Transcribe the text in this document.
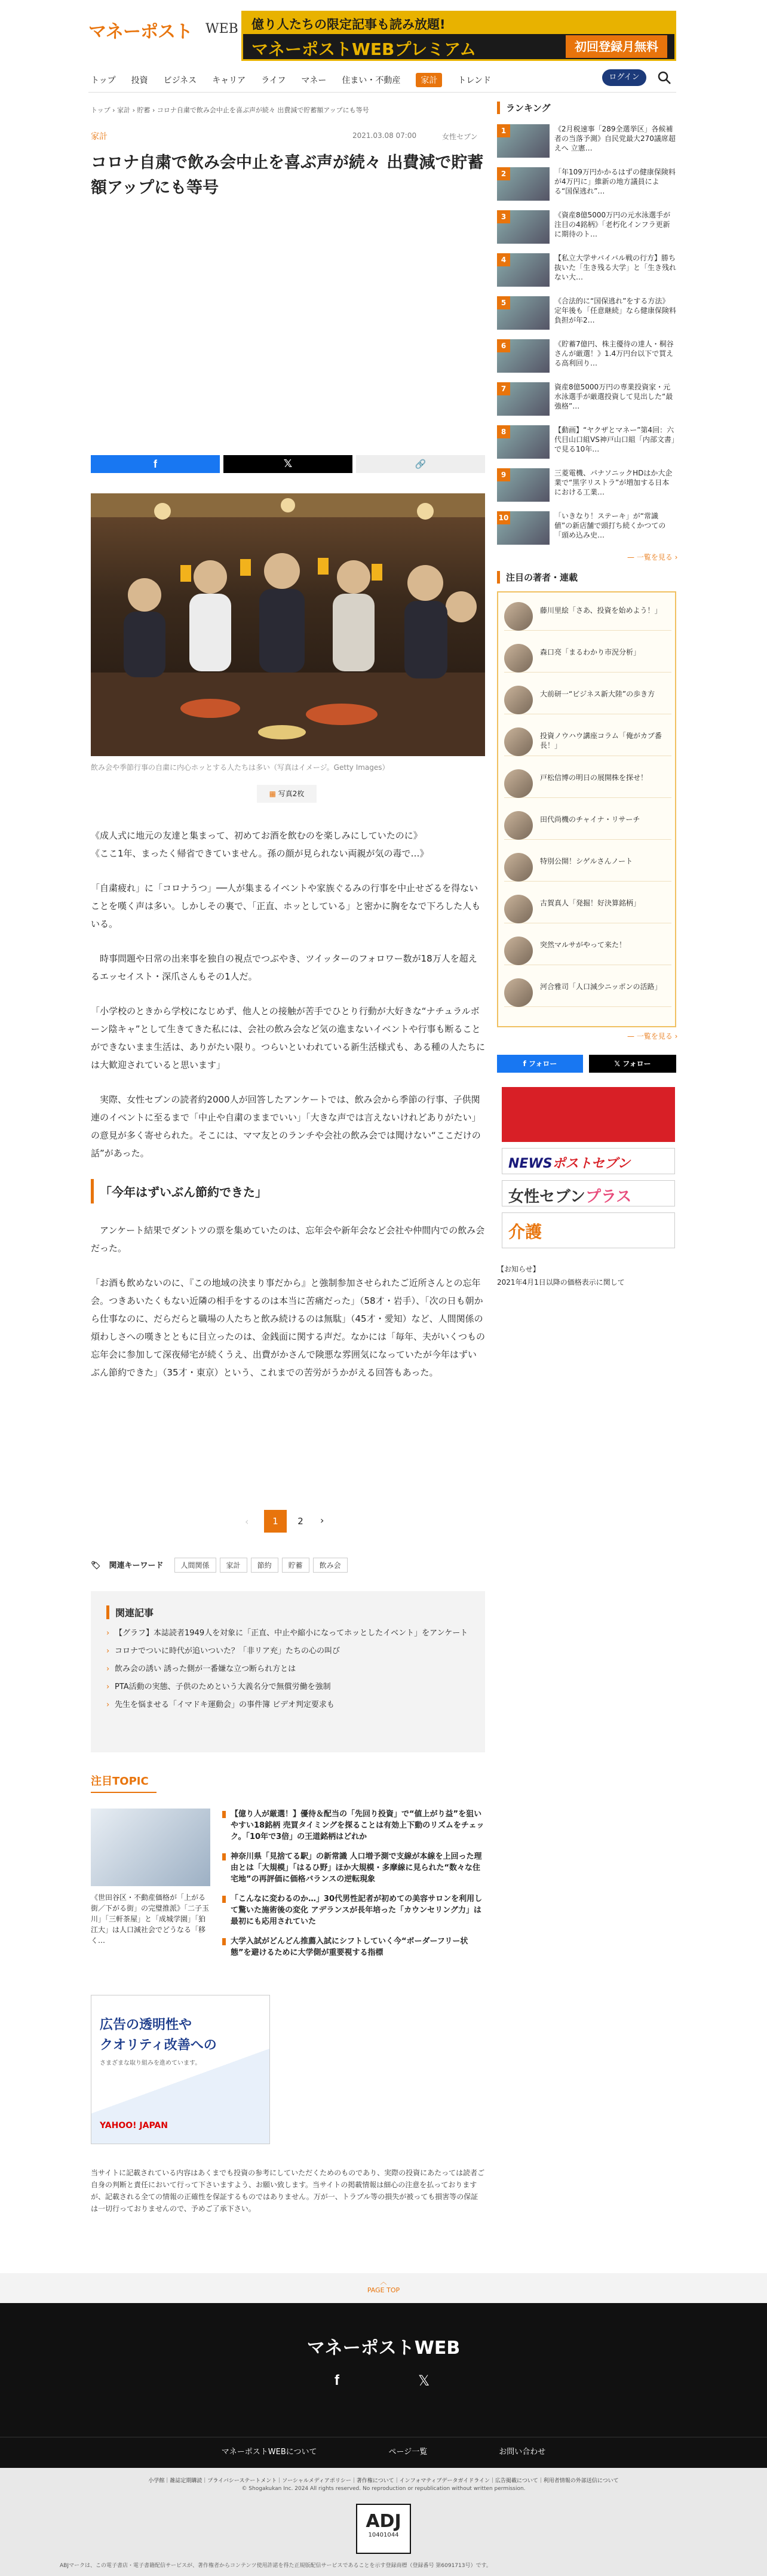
マネーポスト WEB 億り人たちの限定記事も読み放題!
マネーポストWEBプレミアム	初回登録月無料
トップ 投資 ビジネス キャリア ライフ マネー 住まい・不動産 家計 トレンド	ログイン
トップ › 家計 › 貯蓄 › コロナ自粛で飲み会中止を喜ぶ声が続々 出費減で貯蓄額アップにも等号
家計	2021.03.08 07:00	女性セブン
コロナ自粛で飲み会中止を喜ぶ声が続々 出費減で貯蓄額アップにも等号
f	𝕏	🔗

飲み会や季節行事の自粛に内心ホッとする人たちは多い（写真はイメージ。Getty Images）

▦ 写真2枚

《成人式に地元の友達と集まって、初めてお酒を飲むのを楽しみにしていたのに》

《ここ1年、まったく帰省できていません。孫の顔が見られない両親が気の毒で…》

「自粛疲れ」に「コロナうつ」──人が集まるイベントや家族ぐるみの行事を中止せざるを得ないことを嘆く声は多い。しかしその裏で、「正直、ホッとしている」と密かに胸をなで下ろした人もいる。

時事問題や日常の出来事を独自の視点でつぶやき、ツイッターのフォロワー数が18万人を超えるエッセイスト・深爪さんもその1人だ。

「小学校のときから学校になじめず、他人との接触が苦手でひとり行動が大好きな“ナチュラルボーン陰キャ”として生きてきた私には、会社の飲み会など気の進まないイベントや行事も断ることができないまま生活は、ありがたい限り。つらいといわれている新生活様式も、ある種の人たちには大歓迎されていると思います」

実際、女性セブンの読者約2000人が回答したアンケートでは、飲み会から季節の行事、子供関連のイベントに至るまで「中止や自粛のままでいい」「大きな声では言えないけれどありがたい」の意見が多く寄せられた。そこには、ママ友とのランチや会社の飲み会では聞けない“ここだけの話”があった。

「今年はずいぶん節約できた」

アンケート結果でダントツの票を集めていたのは、忘年会や新年会など会社や仲間内での飲み会だった。

「お酒も飲めないのに、『この地域の決まり事だから』と強制参加させられたご近所さんとの忘年会。つきあいたくもない近隣の相手をするのは本当に苦痛だった」（58才・岩手）、「次の日も朝から仕事なのに、だらだらと職場の人たちと飲み続けるのは無駄」（45才・愛知）など、人間関係の煩わしさへの嘆きとともに目立ったのは、金銭面に関する声だ。なかには「毎年、夫がいくつもの忘年会に参加して深夜帰宅が続くうえ、出費がかさんで険悪な雰囲気になっていたが今年はずいぶん節約できた」（35才・東京）という、これまでの苦労がうかがえる回答もあった。

‹	1	2	›
🏷 関連キーワード 人間関係 家計 節約 貯蓄 飲み会
関連記事
› 【グラフ】本誌読者1949人を対象に「正直、中止や縮小になってホッとしたイベント」をアンケート
› コロナでついに時代が追いついた？「非リア充」たちの心の叫び
› 飲み会の誘い 誘った側が一番嫌な立つ断られ方とは
› PTA活動の実態、子供のためという大義名分で無償労働を強制
› 先生を悩ませる「イマドキ運動会」の事件簿 ビデオ判定要求も
注目TOPIC

《世田谷区・不動産価格が「上がる街／下がる街」の完璧推派》「二子玉川」「三軒茶屋」と「成城学園」「狛江大」は人口減社会でどうなる「移く…

【億り人が厳選！】優待＆配当の「先回り投資」で“値上がり益”を狙いやすい18銘柄 売買タイミングを探ることは有効上下動のリズムをチェック。「10年で3倍」の王道銘柄はどれか
神奈川県「見捨てる駅」の新常識 人口増予測で支線が本線を上回った理由とは「大規模」「はるひ野」ほか大規模・多摩線に見られた“数々な住宅地”の再評価に価格バランスの逆転現象
「こんなに変わるのか…」30代男性記者が初めての美容サロンを利用して驚いた施術後の変化 アデランスが長年培った「カウンセリング力」は最初にも応用されていた
大学入試がどんどん推薦入試にシフトしていく今“ボーダーフリー状態”を避けるために大学側が重要視する指標
広告の透明性や
クオリティ改善への
さまざまな取り組みを進めています。
YAHOO! JAPAN

当サイトに記載されている内容はあくまでも投資の参考にしていただくためのものであり、実際の投資にあたっては読者ご自身の判断と責任において行って下さいますよう、お願い致します。当サイトの掲載情報は細心の注意を払っておりますが、記載される全ての情報の正確性を保証するものではありません。万が一、トラブル等の損失が被っても損害等の保証は一切行っておりませんので、予めご了承下さい。

ランキング
1	《2月税速事「289全選挙区」各候補者の当落予測》自民党最大270議席超えへ 立憲…
2	「年109万円かかるはずの健康保険料が4万円に」維新の地方議員による“国保逃れ”…
3	《資産8億5000万円の元水泳選手が注目の4銘柄》「老朽化インフラ更新に期待のト…
4	【私立大学サバイバル戦の行方】勝ち抜いた「生き残る大学」と「生き残れない大…
5	《合法的に“国保逃れ”をする方法》定年後も「任意継続」なら健康保険料負担が年2…
6	《貯蓄7億円、株主優待の達人・桐谷さんが厳選！》1.4万円台以下で買える高利回り…
7	資産8億5000万円の専業投資家・元水泳選手が厳選投資して見出した“最強格”…
8	【動画】“ヤクザとマネー”第4回：六代目山口組VS神戸山口組「内部文書」で見る10年…
9	三菱電機、パナソニックHDはか大企業で“黒字リストラ”が増加する日本における工業…
10	「いきなり！ステーキ」が“常識値”の新店舗で頭打ち続くかつての「頭め込み史…
— 一覧を見る ›
注目の著者・連載
藤川里絵「さあ、投資を始めよう！」
森口亮「まるわかり市況分析」
大前研一“ビジネス新大陸”の歩き方
投資ノウハウ講座コラム「俺がカブ番長！」
戸松信博の明日の展開株を探せ！
田代尚機のチャイナ・リサーチ
特別公開！シゲルさんノート
古賀真人「発掘！好決算銘柄」
突然マルサがやって来た！
河合雅司「人口減少ニッポンの活路」
— 一覧を見る ›
f フォロー	𝕏 フォロー
NEWSポストセブン
女性セブンプラス
介護
【お知らせ】
2021年4月1日以降の価格表示に関して
︿
PAGE TOP
マネーポストWEB
f	𝕏
マネーポストWEBについて	ページ一覧	お問い合わせ
小学館｜雑誌定期購読｜プライバシーステートメント｜ソーシャルメディアポリシー｜著作権について｜インフォマティブデータガイドライン｜広告掲載について｜利用者情報の外部送信について
© Shogakukan Inc. 2024 All rights reserved. No reproduction or republication without written permission.
ADJ
10401044
ABJマークは、この電子書店・電子書籍配信サービスが、著作権者からコンテンツ使用許諾を得た正規版配信サービスであることを示す登録商標（登録番号 第6091713号）です。
